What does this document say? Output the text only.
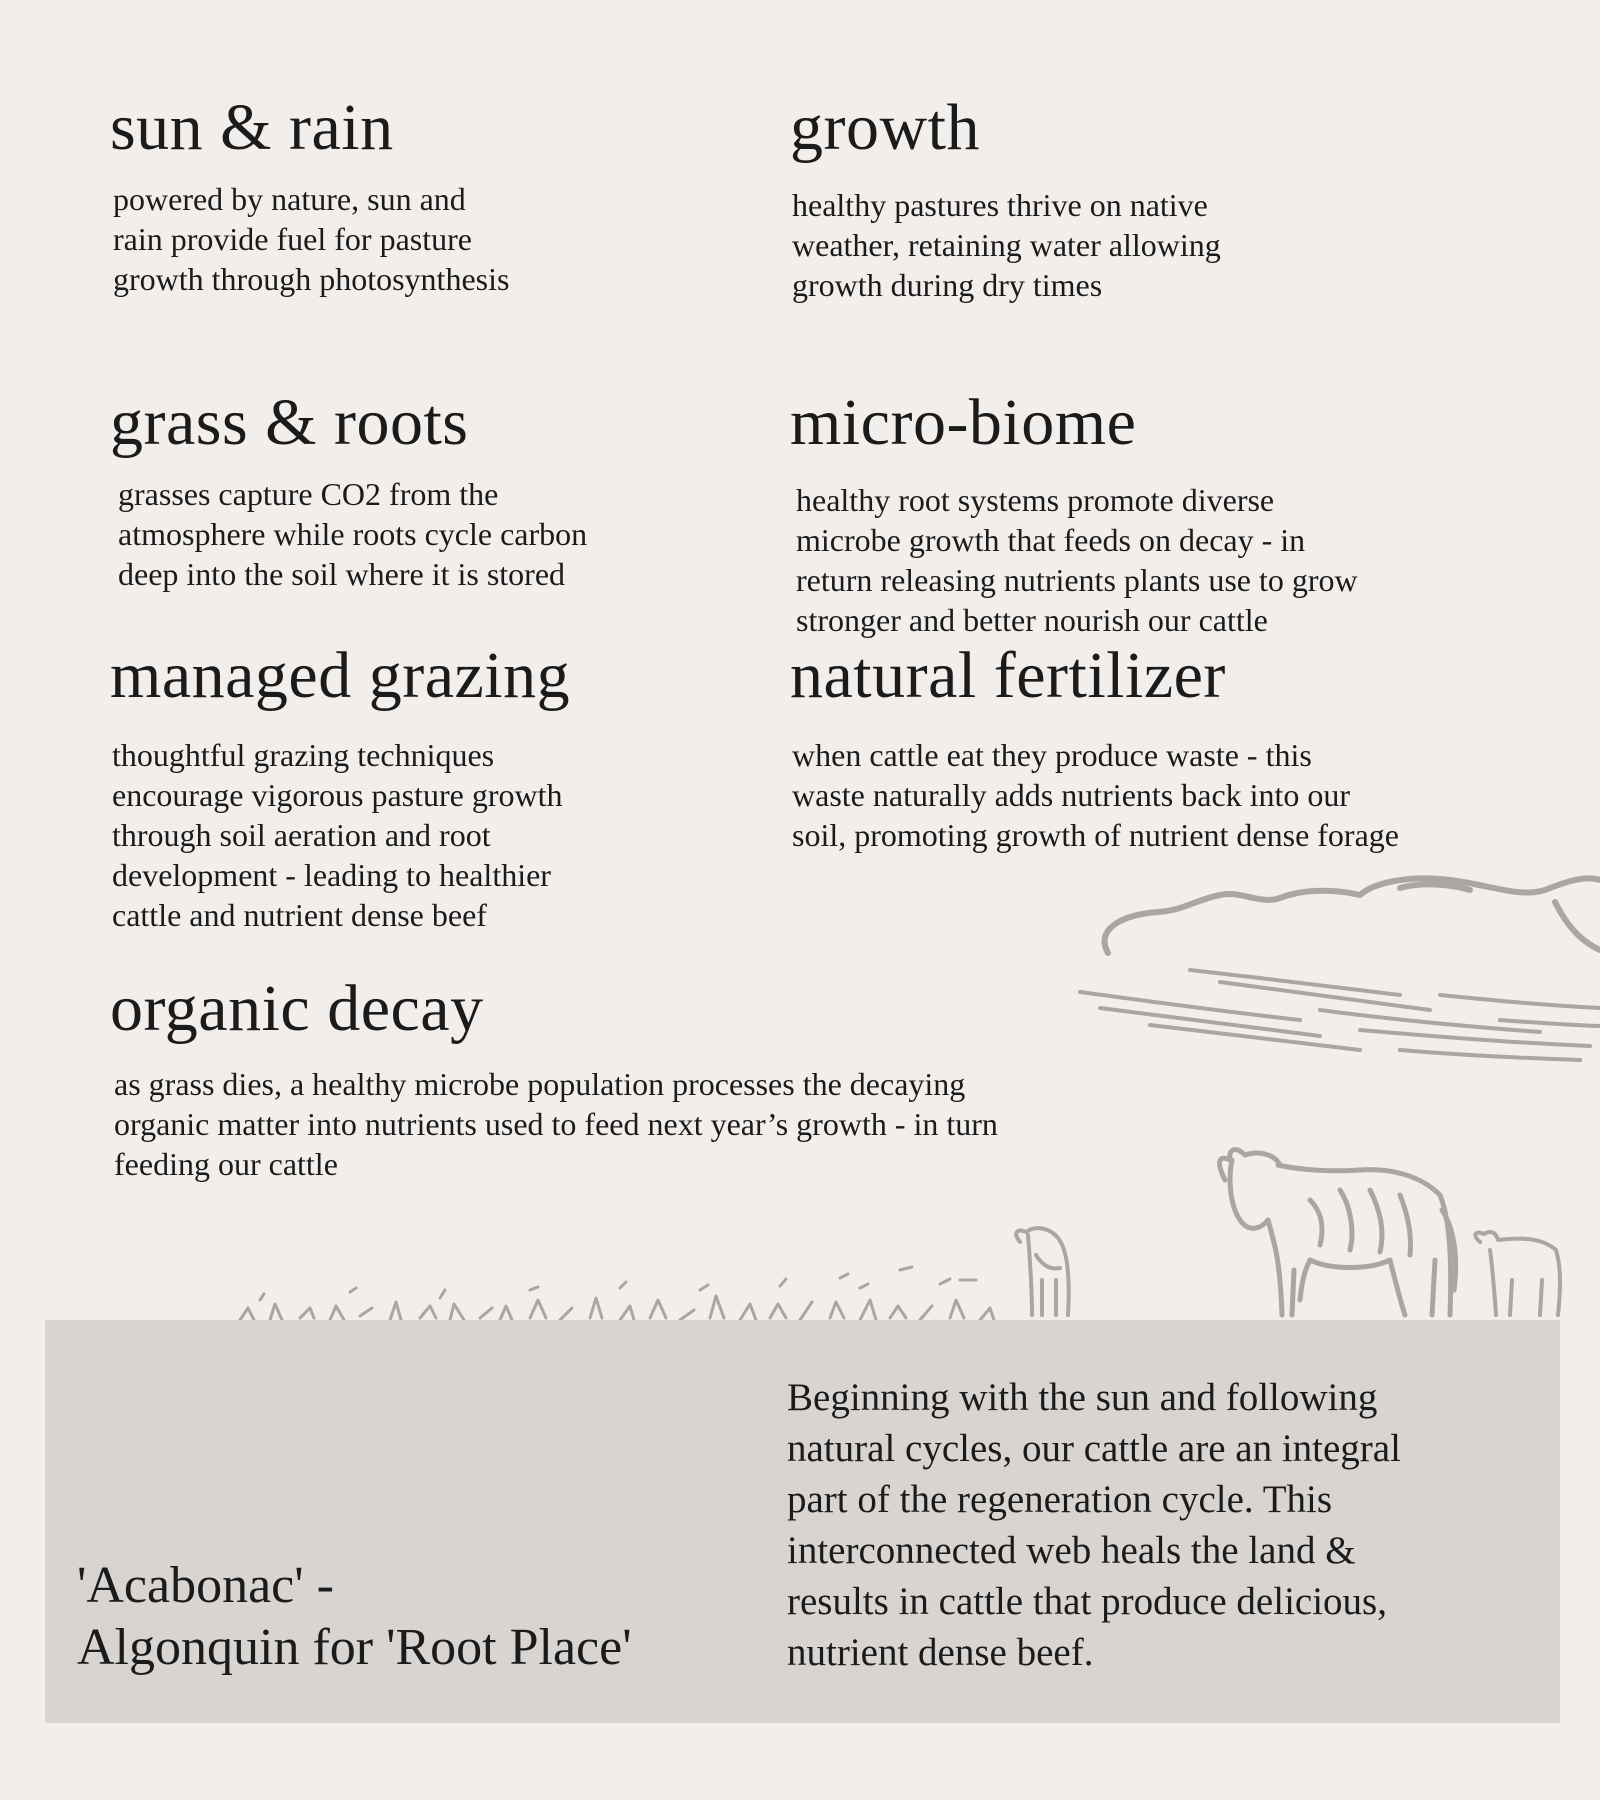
sun & rain

powered by nature, sun and
rain provide fuel for pasture
growth through photosynthesis

growth

healthy pastures thrive on native
weather, retaining water allowing
growth during dry times

grass & roots

grasses capture CO2 from the
atmosphere while roots cycle carbon
deep into the soil where it is stored

micro-biome

healthy root systems promote diverse
microbe growth that feeds on decay - in
return releasing nutrients plants use to grow
stronger and better nourish our cattle

managed grazing

thoughtful grazing techniques
encourage vigorous pasture growth
through soil aeration and root
development - leading to healthier
cattle and nutrient dense beef

natural fertilizer

when cattle eat they produce waste - this
waste naturally adds nutrients back into our
soil, promoting growth of nutrient dense forage

organic decay

as grass dies, a healthy microbe population processes the decaying
organic matter into nutrients used to feed next year’s growth - in turn
feeding our cattle

'Acabonac' -
Algonquin for 'Root Place'
Beginning with the sun and following
natural cycles, our cattle are an integral
part of the regeneration cycle. This
interconnected web heals the land &
results in cattle that produce delicious,
nutrient dense beef.
